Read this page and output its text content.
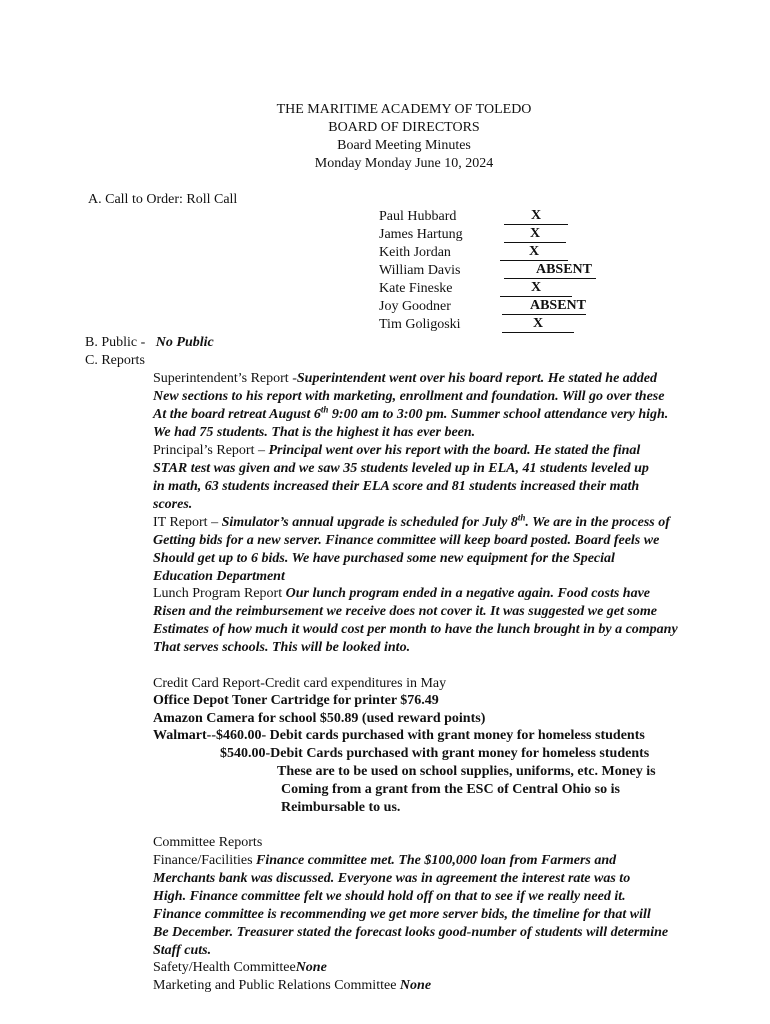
THE MARITIME ACADEMY OF TOLEDO
BOARD OF DIRECTORS
Board Meeting Minutes
Monday Monday June 10, 2024
A. Call to Order: Roll Call
Paul Hubbard	X
James Hartung	X
Keith Jordan	X
William Davis	ABSENT
Kate Fineske	X
Joy Goodner	ABSENT
Tim Goligoski	X
B. Public - No Public
C. Reports
Superintendent’s Report -Superintendent went over his board report. He stated he added
New sections to his report with marketing, enrollment and foundation. Will go over these
At the board retreat August 6th 9:00 am to 3:00 pm. Summer school attendance very high.
We had 75 students. That is the highest it has ever been.
Principal’s Report – Principal went over his report with the board. He stated the final
STAR test was given and we saw 35 students leveled up in ELA, 41 students leveled up
in math, 63 students increased their ELA score and 81 students increased their math
scores.
IT Report – Simulator’s annual upgrade is scheduled for July 8th. We are in the process of
Getting bids for a new server. Finance committee will keep board posted. Board feels we
Should get up to 6 bids. We have purchased some new equipment for the Special
Education Department
Lunch Program Report Our lunch program ended in a negative again. Food costs have
Risen and the reimbursement we receive does not cover it. It was suggested we get some
Estimates of how much it would cost per month to have the lunch brought in by a company
That serves schools. This will be looked into.
Credit Card Report-Credit card expenditures in May
Office Depot Toner Cartridge for printer $76.49
Amazon Camera for school $50.89 (used reward points)
Walmart--$460.00- Debit cards purchased with grant money for homeless students
$540.00-Debit Cards purchased with grant money for homeless students
These are to be used on school supplies, uniforms, etc. Money is
Coming from a grant from the ESC of Central Ohio so is
Reimbursable to us.
Committee Reports
Finance/Facilities Finance committee met. The $100,000 loan from Farmers and
Merchants bank was discussed. Everyone was in agreement the interest rate was to
High. Finance committee felt we should hold off on that to see if we really need it.
Finance committee is recommending we get more server bids, the timeline for that will
Be December. Treasurer stated the forecast looks good-number of students will determine
Staff cuts.
Safety/Health CommitteeNone
Marketing and Public Relations Committee None
